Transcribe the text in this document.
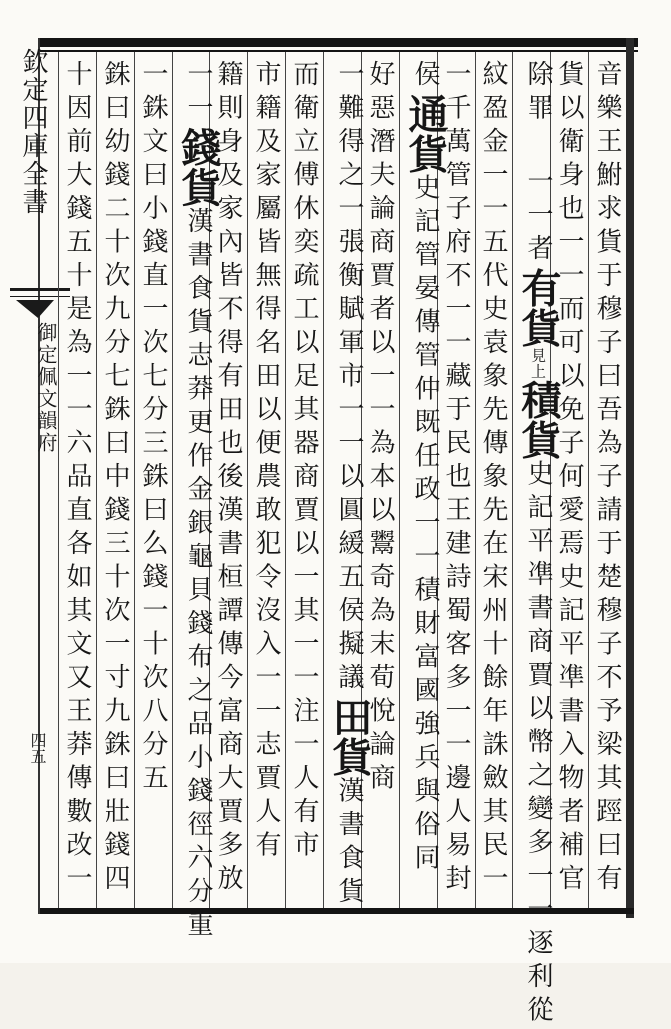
欽定四庫全書
御定佩文韻府
四五	音樂王鮒求貨于穆子曰吾為子請于楚穆子不予梁其踁曰有
貨以衛身也一一而可以免子何愛焉史記平凖書入物者補官
除罪一一者有貨見上積貨史記平凖書商賈以幣之變多一一逐利從
紋盈金一一五代史袁象先傳象先在宋州十餘年誅斂其民一
一千萬管子府不一一藏于民也王建詩蜀客多一一邊人易封
侯通貨史記管晏傳管仲既任政一一積財富國強兵與俗同
好惡潛夫論商賈者以一一為本以鬻奇為末荀悅論商
一難得之一張衡賦軍市一一以圓緩五侯擬議田貨漢書食貨
而衛立傅休奕疏工以足其器商賈以一其一一注一人有市
市籍及家屬皆無得名田以便農敢犯令沒入一一志賈人有
籍則身及家內皆不得有田也後漢書桓譚傳今富商大賈多放
一一錢貨漢書食貨志莽更作金銀龜貝錢布之品小錢徑六分重
一銖文曰小錢直一次七分三銖曰么錢一十次八分五
銖曰幼錢二十次九分七銖曰中錢三十次一寸九銖曰壯錢四
十因前大錢五十是為一一六品直各如其文又王莽傳數改一
